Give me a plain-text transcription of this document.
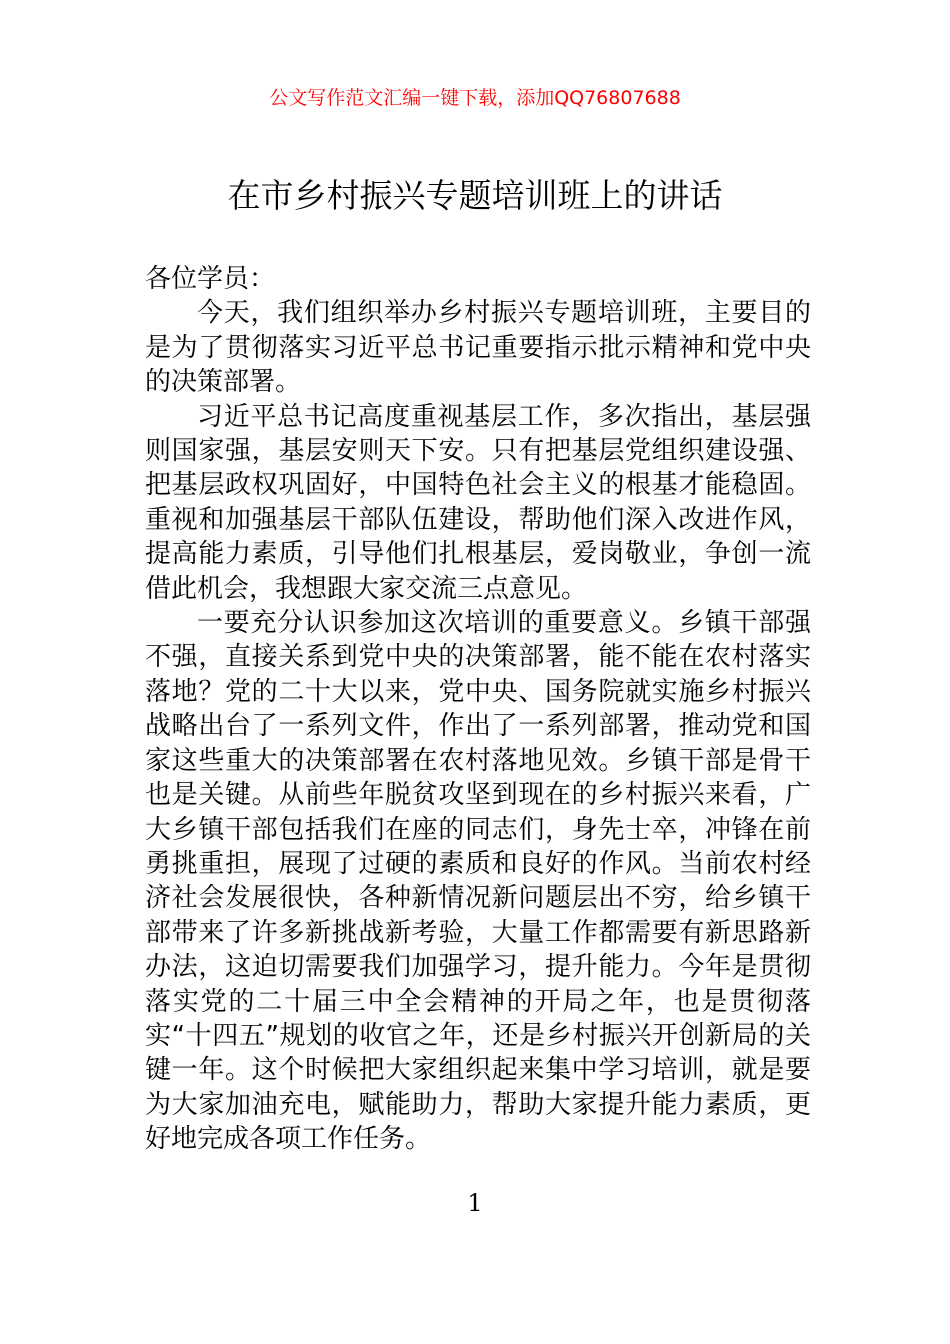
公文写作范文汇编一键下载，添加QQ76807688
在市乡村振兴专题培训班上的讲话

各位学员：

今天，我们组织举办乡村振兴专题培训班，主要目的是为了贯彻落实习近平总书记重要指示批示精神和党中央的决策部署。

习近平总书记高度重视基层工作，多次指出，基层强则国家强，基层安则天下安。只有把基层党组织建设强、把基层政权巩固好，中国特色社会主义的根基才能稳固。重视和加强基层干部队伍建设，帮助他们深入改进作风，提高能力素质，引导他们扎根基层，爱岗敬业，争创一流借此机会，我想跟大家交流三点意见。

一要充分认识参加这次培训的重要意义。乡镇干部强不强，直接关系到党中央的决策部署，能不能在农村落实落地？党的二十大以来，党中央、国务院就实施乡村振兴战略出台了一系列文件，作出了一系列部署，推动党和国家这些重大的决策部署在农村落地见效。乡镇干部是骨干也是关键。从前些年脱贫攻坚到现在的乡村振兴来看，广大乡镇干部包括我们在座的同志们，身先士卒，冲锋在前勇挑重担，展现了过硬的素质和良好的作风。当前农村经济社会发展很快，各种新情况新问题层出不穷，给乡镇干部带来了许多新挑战新考验，大量工作都需要有新思路新办法，这迫切需要我们加强学习，提升能力。今年是贯彻落实党的二十届三中全会精神的开局之年，也是贯彻落实“十四五”规划的收官之年，还是乡村振兴开创新局的关键一年。这个时候把大家组织起来集中学习培训，就是要为大家加油充电，赋能助力，帮助大家提升能力素质，更好地完成各项工作任务。

1
